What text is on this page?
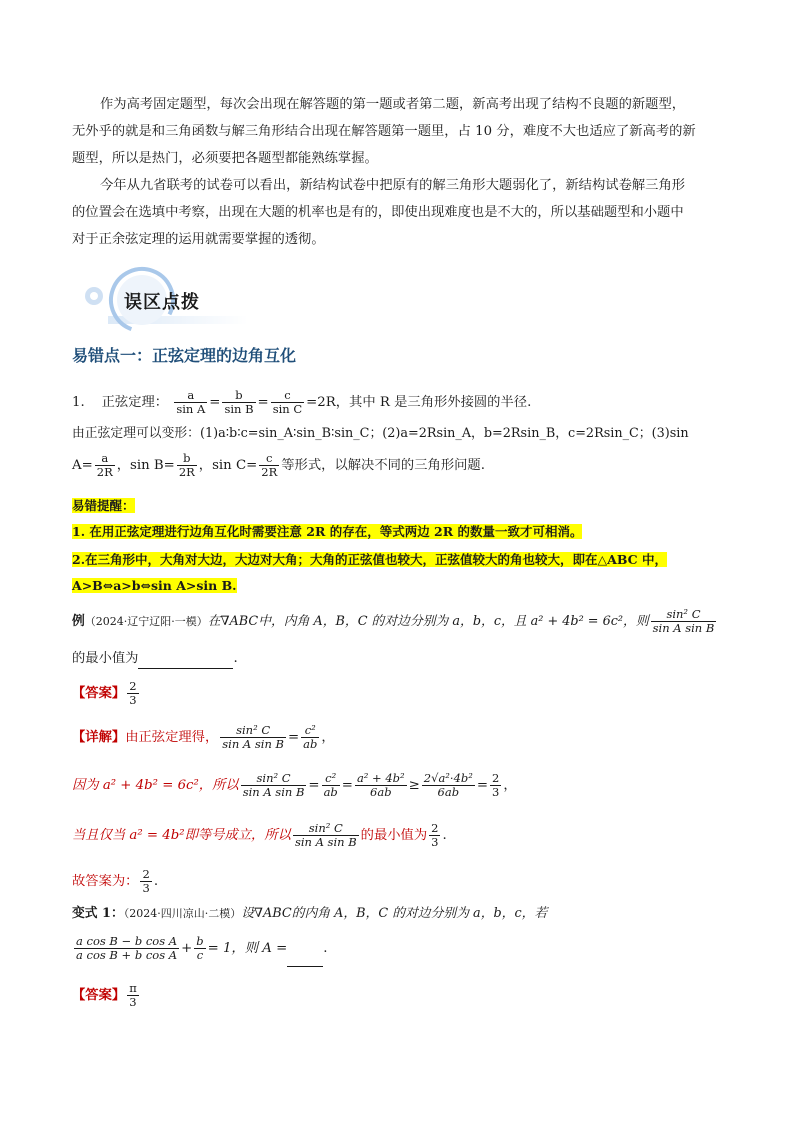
作为高考固定题型，每次会出现在解答题的第一题或者第二题，新高考出现了结构不良题的新题型，
无外乎的就是和三角函数与解三角形结合出现在解答题第一题里，占 10 分，难度不大也适应了新高考的新
题型，所以是热门，必须要把各题型都能熟练掌握。
今年从九省联考的试卷可以看出，新结构试卷中把原有的解三角形大题弱化了，新结构试卷解三角形
的位置会在选填中考察，出现在大题的机率也是有的，即使出现难度也是不大的，所以基础题型和小题中
对于正余弦定理的运用就需要掌握的透彻。
误区点拨
易错点一：正弦定理的边角互化
1. 正弦定理： $\frac{a}{\text{sin A}} = \frac{b}{\text{sin B}} = \frac{c}{\text{sin C}} =2R$，其中 R 是三角形外接圆的半径.
由正弦定理可以变形：(1)a∶b∶c=sin_A∶sin_B∶sin_C；(2)a=2Rsin_A，b=2Rsin_B，c=2Rsin_C；(3)sin
$A= \frac{a}{2R}$ ，$\sin B= \frac{b}{2R}$ ，$\sin C= \frac{c}{2R}$ 等形式，以解决不同的三角形问题.
易错提醒：
1. 在用正弦定理进行边角互化时需要注意 2R 的存在，等式两边 2R 的数量一致才可相消。
2.在三角形中，大角对大边，大边对大角；大角的正弦值也较大，正弦值较大的角也较大，即在△ABC 中，
A>B⇔a>b⇔sin A>sin B.
例（2024·辽宁辽阳·一模）在∇ABC中，内角 A，B，C 的对边分别为 a，b，c，且 a² + 4b² = 6c²，则 $\frac{\text{sin² C}}{\text{sin A sin B}}$
的最小值为	.
【答案】 $\frac{2}{3}$
【详解】由正弦定理得， $\frac{\text{sin² C}}{\text{sin A sin B}} = \frac{\text{c²}}{ab}$ ，
因为 a² + 4b² = 6c²，所以 $\frac{\text{sin² C}}{\text{sin A sin B}} = \frac{\text{c²}}{ab} = \frac{\text{a² + 4b²}}{6ab} \ge \frac{\text{2√a²·4b²}}{6ab} = \frac{2}{3}$ ，
当且仅当 a² = 4b²即等号成立，所以 $\frac{\text{sin² C}}{\text{sin A sin B}}$ 的最小值为 $\frac{2}{3}$ .
故答案为： $\frac{2}{3}$ .
变式 1：（2024·四川凉山·二模）设∇ABC的内角 A，B，C 的对边分别为 a，b，c，若
$\frac{\text{a cos B − b cos A}}{\text{a cos B + b cos A}} + \frac{b}{c} = 1$，则 A =	.
【答案】 $\frac{\pi}{3}$
